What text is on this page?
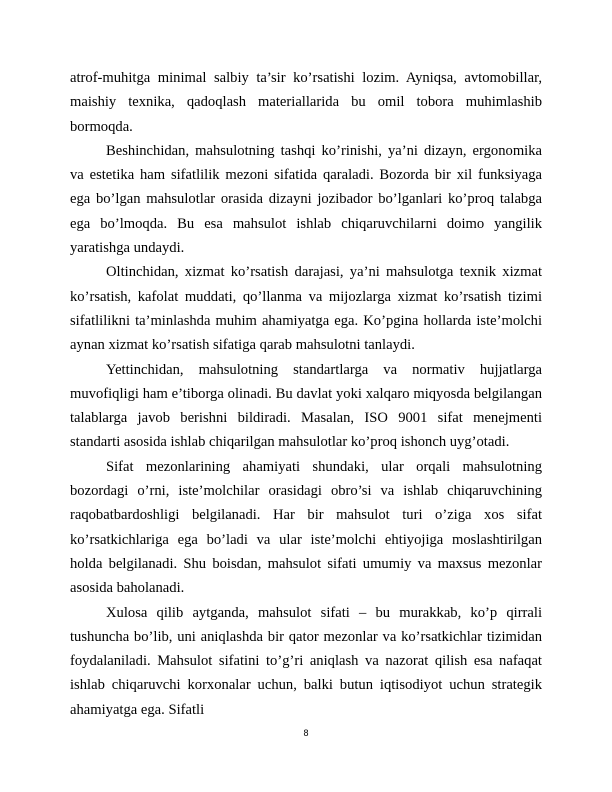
atrof-muhitga minimal salbiy ta’sir ko’rsatishi lozim. Ayniqsa, avtomobillar, maishiy texnika, qadoqlash materiallarida bu omil tobora muhimlashib bormoqda.

Beshinchidan, mahsulotning tashqi ko’rinishi, ya’ni dizayn, ergonomika va estetika ham sifatlilik mezoni sifatida qaraladi. Bozorda bir xil funksiyaga ega bo’lgan mahsulotlar orasida dizayni jozibador bo’lganlari ko’proq talabga ega bo’lmoqda. Bu esa mahsulot ishlab chiqaruvchilarni doimo yangilik yaratishga undaydi.

Oltinchidan, xizmat ko’rsatish darajasi, ya’ni mahsulotga texnik xizmat ko’rsatish, kafolat muddati, qo’llanma va mijozlarga xizmat ko’rsatish tizimi sifatlilikni ta’minlashda muhim ahamiyatga ega. Ko’pgina hollarda iste’molchi aynan xizmat ko’rsatish sifatiga qarab mahsulotni tanlaydi.

Yettinchidan, mahsulotning standartlarga va normativ hujjatlarga muvofiqligi ham e’tiborga olinadi. Bu davlat yoki xalqaro miqyosda belgilangan talablarga javob berishni bildiradi. Masalan, ISO 9001 sifat menejmenti standarti asosida ishlab chiqarilgan mahsulotlar ko’proq ishonch uyg’otadi.

Sifat mezonlarining ahamiyati shundaki, ular orqali mahsulotning bozordagi o’rni, iste’molchilar orasidagi obro’si va ishlab chiqaruvchining raqobatbardoshligi belgilanadi. Har bir mahsulot turi o’ziga xos sifat ko’rsatkichlariga ega bo’ladi va ular iste’molchi ehtiyojiga moslashtirilgan holda belgilanadi. Shu boisdan, mahsulot sifati umumiy va maxsus mezonlar asosida baholanadi.

Xulosa qilib aytganda, mahsulot sifati – bu murakkab, ko’p qirrali tushuncha bo’lib, uni aniqlashda bir qator mezonlar va ko’rsatkichlar tizimidan foydalaniladi. Mahsulot sifatini to’g’ri aniqlash va nazorat qilish esa nafaqat ishlab chiqaruvchi korxonalar uchun, balki butun iqtisodiyot uchun strategik ahamiyatga ega. Sifatli

8
